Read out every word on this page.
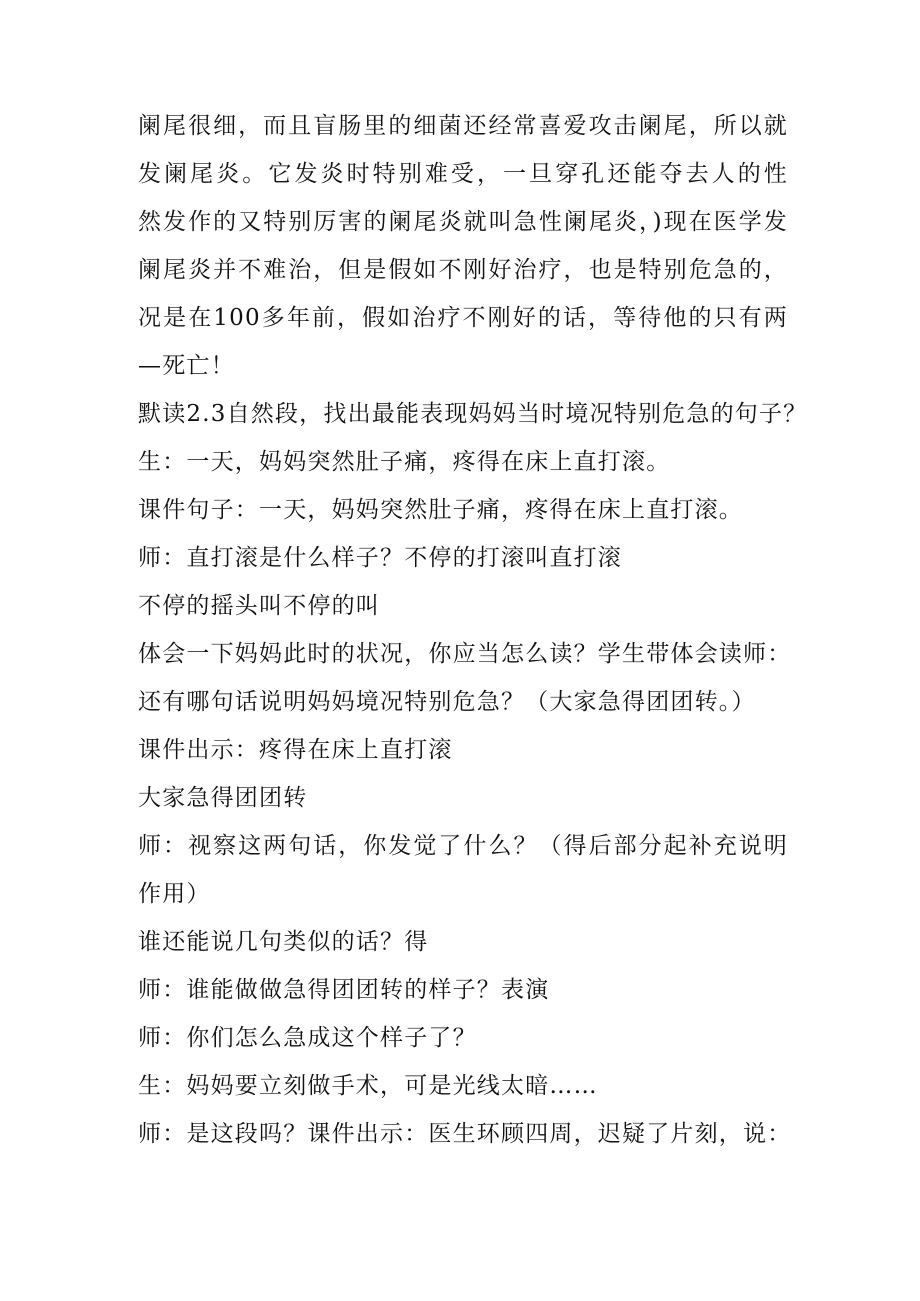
阑尾很细，而且盲肠里的细菌还经常喜爱攻击阑尾，所以就
发阑尾炎。它发炎时特别难受，一旦穿孔还能夺去人的性
然发作的又特别厉害的阑尾炎就叫急性阑尾炎，)现在医学发
阑尾炎并不难治，但是假如不刚好治疗，也是特别危急的，
况是在100多年前，假如治疗不刚好的话，等待他的只有两
—死亡！
默读2.3自然段，找出最能表现妈妈当时境况特别危急的句子？
生：一天，妈妈突然肚子痛，疼得在床上直打滚。
课件句子：一天，妈妈突然肚子痛，疼得在床上直打滚。
师：直打滚是什么样子？不停的打滚叫直打滚
不停的摇头叫不停的叫
体会一下妈妈此时的状况，你应当怎么读？学生带体会读师：
还有哪句话说明妈妈境况特别危急？（大家急得团团转。）
课件出示：疼得在床上直打滚
大家急得团团转
师：视察这两句话，你发觉了什么？（得后部分起补充说明
作用）
谁还能说几句类似的话？得
师：谁能做做急得团团转的样子？表演
师：你们怎么急成这个样子了？
生：妈妈要立刻做手术，可是光线太暗……
师：是这段吗？课件出示：医生环顾四周，迟疑了片刻，说：
